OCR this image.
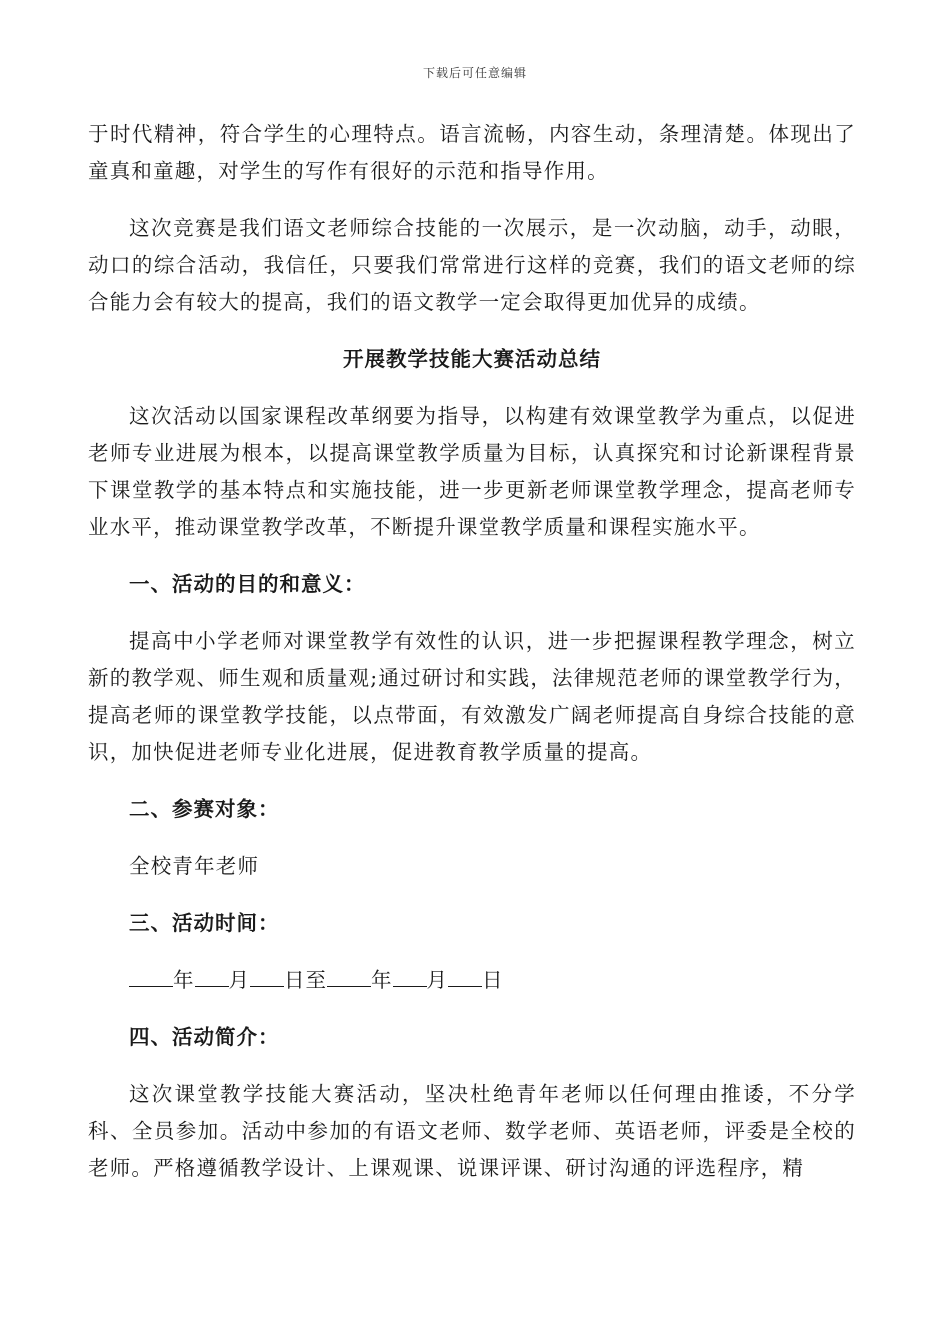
下载后可任意编辑

于时代精神，符合学生的心理特点。语言流畅，内容生动，条理清楚。体现出了童真和童趣，对学生的写作有很好的示范和指导作用。

这次竞赛是我们语文老师综合技能的一次展示，是一次动脑，动手，动眼，动口的综合活动，我信任，只要我们常常进行这样的竞赛，我们的语文老师的综合能力会有较大的提高，我们的语文教学一定会取得更加优异的成绩。

开展教学技能大赛活动总结

这次活动以国家课程改革纲要为指导，以构建有效课堂教学为重点，以促进老师专业进展为根本，以提高课堂教学质量为目标，认真探究和讨论新课程背景下课堂教学的基本特点和实施技能，进一步更新老师课堂教学理念，提高老师专业水平，推动课堂教学改革，不断提升课堂教学质量和课程实施水平。

一、活动的目的和意义：

提高中小学老师对课堂教学有效性的认识，进一步把握课程教学理念，树立新的教学观、师生观和质量观;通过研讨和实践，法律规范老师的课堂教学行为，提高老师的课堂教学技能，以点带面，有效激发广阔老师提高自身综合技能的意识，加快促进老师专业化进展，促进教育教学质量的提高。

二、参赛对象：

全校青年老师

三、活动时间：
年 月 日至 年 月 日
四、活动简介：

这次课堂教学技能大赛活动，坚决杜绝青年老师以任何理由推诿，不分学科、全员参加。活动中参加的有语文老师、数学老师、英语老师，评委是全校的老师。严格遵循教学设计、上课观课、说课评课、研讨沟通的评选程序，精
